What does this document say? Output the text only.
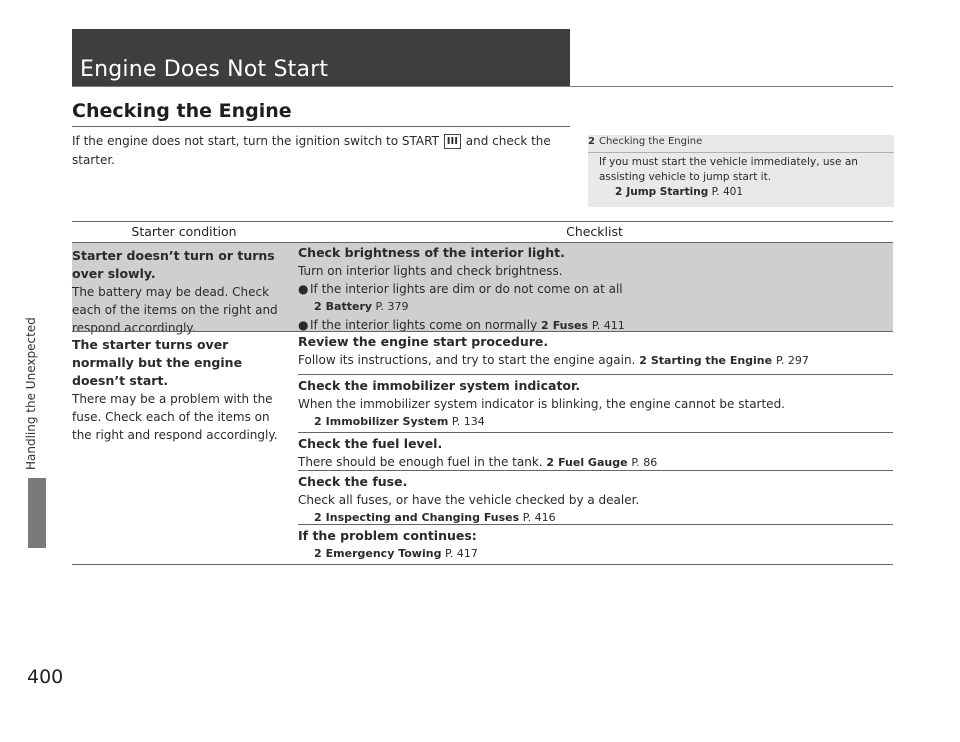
Handling the Unexpected
400
Engine Does Not Start
Checking the Engine
If the engine does not start, turn the ignition switch to START III and check the starter.
2 Checking the Engine
If you must start the vehicle immediately, use an assisting vehicle to jump start it.
2 Jump Starting P. 401
Starter condition	Checklist
Starter doesn’t turn or turns over slowly.
The battery may be dead. Check each of the items on the right and respond accordingly.
Check brightness of the interior light.
Turn on interior lights and check brightness.
● If the interior lights are dim or do not come on at all
2 Battery P. 379
● If the interior lights come on normally 2 Fuses P. 411
The starter turns over normally but the engine doesn’t start.
There may be a problem with the fuse. Check each of the items on the right and respond accordingly.
Review the engine start procedure.
Follow its instructions, and try to start the engine again. 2 Starting the Engine P. 297
Check the immobilizer system indicator.
When the immobilizer system indicator is blinking, the engine cannot be started.
2 Immobilizer System P. 134
Check the fuel level.
There should be enough fuel in the tank. 2 Fuel Gauge P. 86
Check the fuse.
Check all fuses, or have the vehicle checked by a dealer.
2 Inspecting and Changing Fuses P. 416
If the problem continues:
2 Emergency Towing P. 417
